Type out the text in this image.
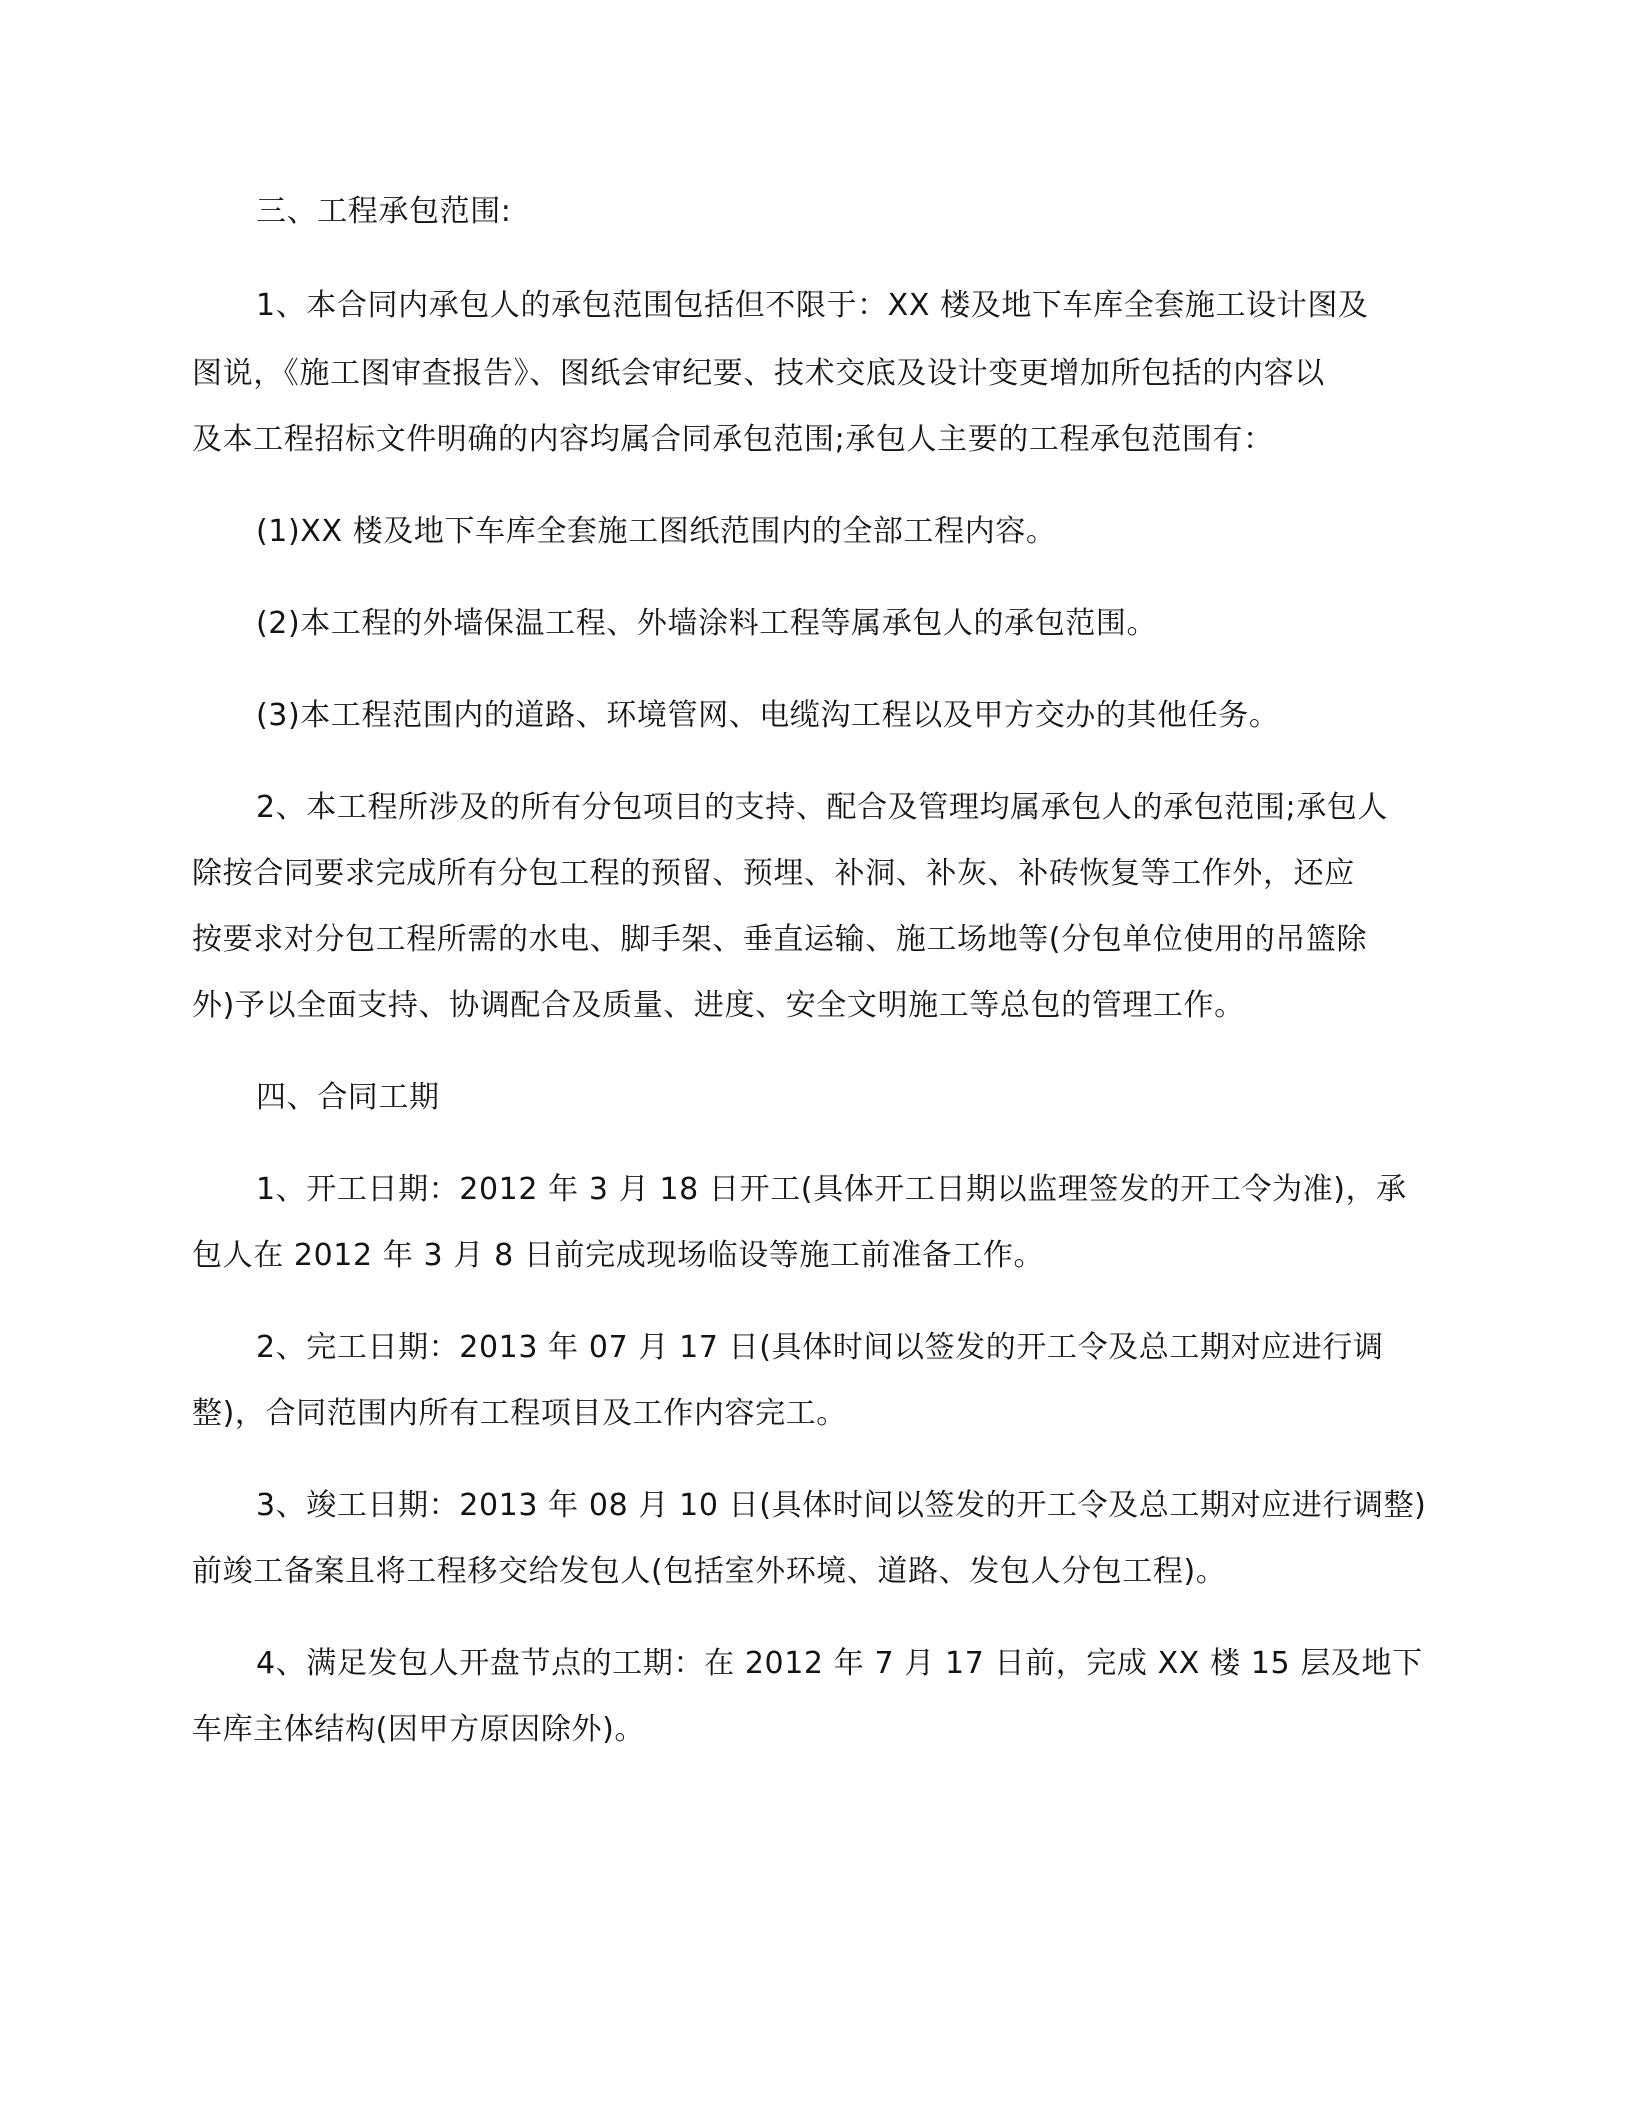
三、工程承包范围:

1、本合同内承包人的承包范围包括但不限于：XX 楼及地下车库全套施工设计图及

图说，《施工图审查报告》、图纸会审纪要、技术交底及设计变更增加所包括的内容以

及本工程招标文件明确的内容均属合同承包范围;承包人主要的工程承包范围有：

(1)XX 楼及地下车库全套施工图纸范围内的全部工程内容。

(2)本工程的外墙保温工程、外墙涂料工程等属承包人的承包范围。

(3)本工程范围内的道路、环境管网、电缆沟工程以及甲方交办的其他任务。

2、本工程所涉及的所有分包项目的支持、配合及管理均属承包人的承包范围;承包人

除按合同要求完成所有分包工程的预留、预埋、补洞、补灰、补砖恢复等工作外，还应

按要求对分包工程所需的水电、脚手架、垂直运输、施工场地等(分包单位使用的吊篮除

外)予以全面支持、协调配合及质量、进度、安全文明施工等总包的管理工作。

四、合同工期

1、开工日期：2012 年 3 月 18 日开工(具体开工日期以监理签发的开工令为准)，承

包人在 2012 年 3 月 8 日前完成现场临设等施工前准备工作。

2、完工日期：2013 年 07 月 17 日(具体时间以签发的开工令及总工期对应进行调

整)，合同范围内所有工程项目及工作内容完工。

3、竣工日期：2013 年 08 月 10 日(具体时间以签发的开工令及总工期对应进行调整)

前竣工备案且将工程移交给发包人(包括室外环境、道路、发包人分包工程)。

4、满足发包人开盘节点的工期：在 2012 年 7 月 17 日前，完成 XX 楼 15 层及地下

车库主体结构(因甲方原因除外)。
